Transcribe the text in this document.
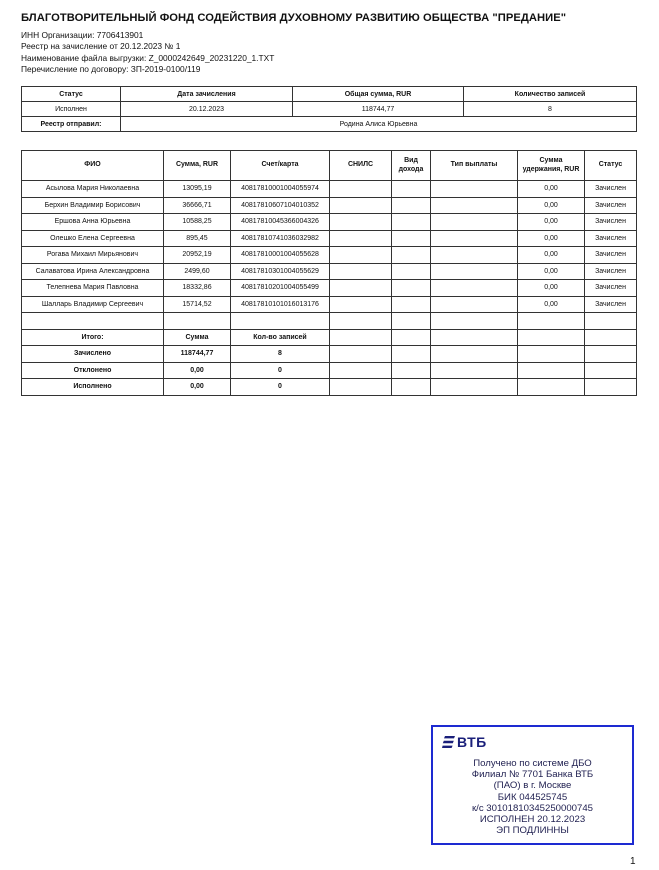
БЛАГОТВОРИТЕЛЬНЫЙ ФОНД СОДЕЙСТВИЯ ДУХОВНОМУ РАЗВИТИЮ ОБЩЕСТВА "ПРЕДАНИЕ"
ИНН Организации: 7706413901
Реестр на зачисление от 20.12.2023 № 1
Наименование файла выгрузки: Z_0000242649_20231220_1.TXT
Перечисление по договору: ЗП-2019-0100/119
Статус	Дата зачисления	Общая сумма, RUR	Количество записей
Исполнен	20.12.2023	118744,77	8
Реестр отправил:	Родина Алиса Юрьевна		
ФИО	Сумма, RUR	Счет/карта	СНИЛС	Вид дохода	Тип выплаты	Сумма удержания, RUR	Статус
Асылова Мария Николаевна	13095,19	40817810001004055974				0,00	Зачислен
Берхин Владимир Борисович	36666,71	40817810607104010352				0,00	Зачислен
Ершова Анна Юрьевна	10588,25	40817810045366004326				0,00	Зачислен
Олешко Елена Сергеевна	895,45	40817810741036032982				0,00	Зачислен
Рогава Михаил Мирьянович	20952,19	40817810001004055628				0,00	Зачислен
Салаватова Ирина Александровна	2499,60	40817810301004055629				0,00	Зачислен
Телепнева Мария Павловна	18332,86	40817810201004055499				0,00	Зачислен
Шалларь Владимир Сергеевич	15714,52	40817810101016013176				0,00	Зачислен

Итого:	Сумма	Кол-во записей					
Зачислено	118744,77	8					
Отклонено	0,00	0					
Исполнено	0,00	0					
ВТБ
Получено по системе ДБО
Филиал № 7701 Банка ВТБ
(ПАО) в г. Москве
БИК 044525745
к/с 30101810345250000745
ИСПОЛНЕН 20.12.2023
ЭП ПОДЛИННЫ
1
